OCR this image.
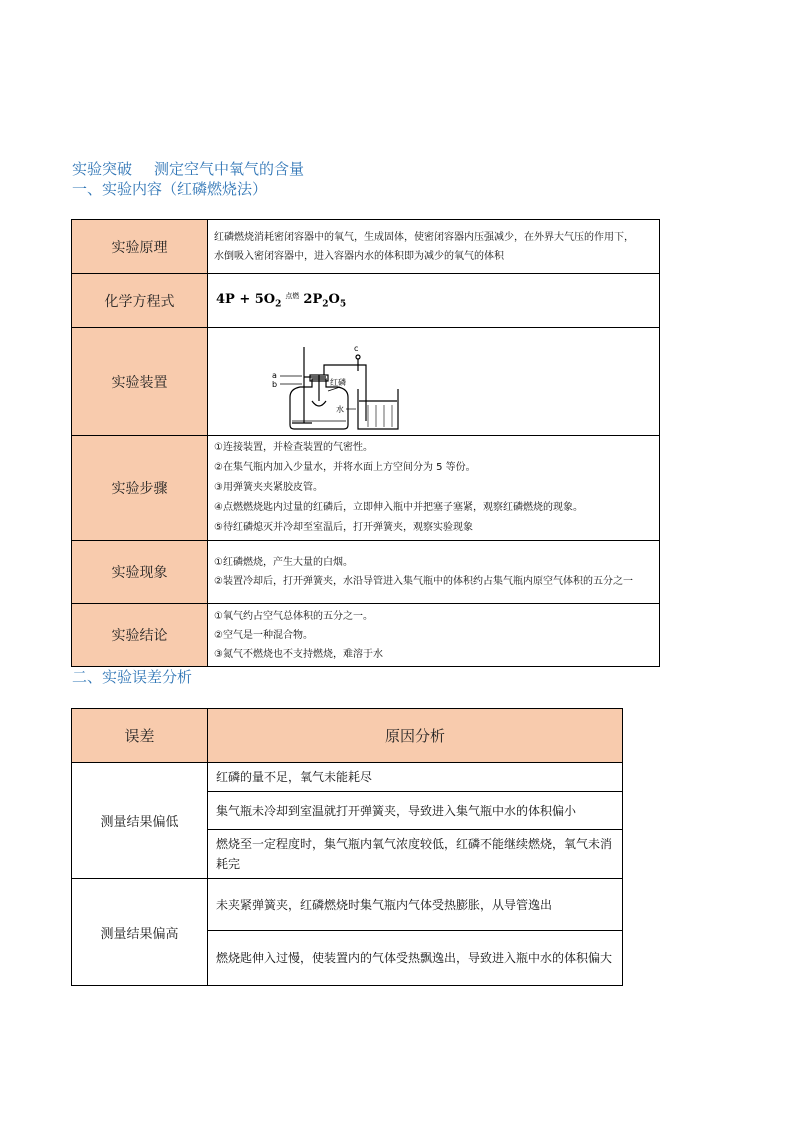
实验突破 测定空气中氧气的含量
一、实验内容（红磷燃烧法）
实验原理	红磷燃烧消耗密闭容器中的氧气，生成固体，使密闭容器内压强减少，在外界大气压的作用下，
水倒吸入密闭容器中，进入容器内水的体积即为减少的氧气的体积

化学方程式	$4P + 5O_2^{点燃}$ $2P_2O_5$
实验装置	a
b
c
红磷
水

实验步骤	①连接装置，并检查装置的气密性。
②在集气瓶内加入少量水，并将水面上方空间分为 5 等份。
③用弹簧夹夹紧胶皮管。
④点燃燃烧匙内过量的红磷后，立即伸入瓶中并把塞子塞紧，观察红磷燃烧的现象。
⑤待红磷熄灭并冷却至室温后，打开弹簧夹，观察实验现象

实验现象	①红磷燃烧，产生大量的白烟。
②装置冷却后，打开弹簧夹，水沿导管进入集气瓶中的体积约占集气瓶内原空气体积的五分之一

实验结论	①氧气约占空气总体积的五分之一。
②空气是一种混合物。
③氮气不燃烧也不支持燃烧，难溶于水
二、实验误差分析
误差	原因分析
测量结果偏低	红磷的量不足，氧气未能耗尽
	集气瓶未冷却到室温就打开弹簧夹，导致进入集气瓶中水的体积偏小
	燃烧至一定程度时，集气瓶内氧气浓度较低，红磷不能继续燃烧，氧气未消耗完
测量结果偏高	未夹紧弹簧夹，红磷燃烧时集气瓶内气体受热膨胀，从导管逸出
	燃烧匙伸入过慢，使装置内的气体受热飘逸出，导致进入瓶中水的体积偏大
